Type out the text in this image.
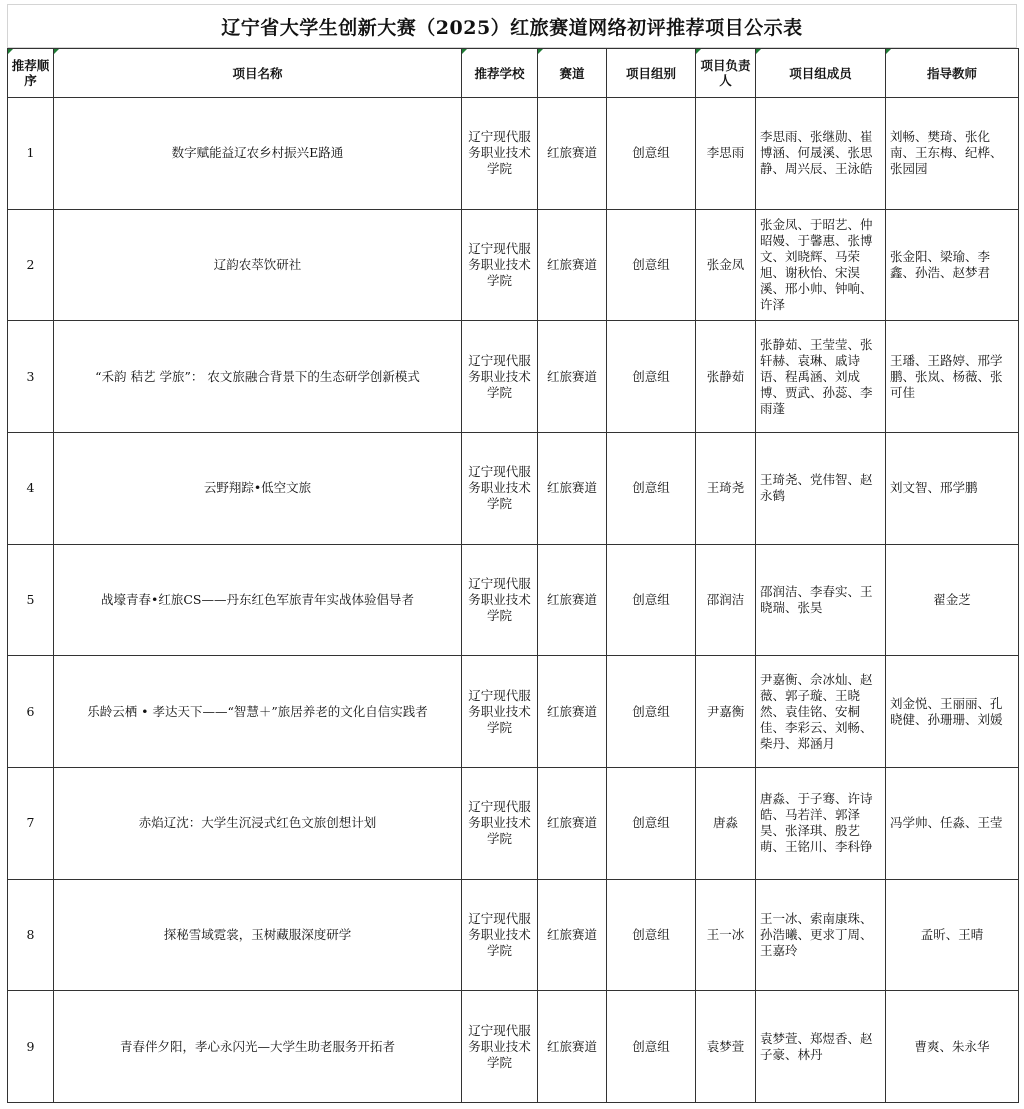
辽宁省大学生创新大赛（2025）红旅赛道网络初评推荐项目公示表
推荐顺序	项目名称	推荐学校	赛道	项目组别	项目负责人	项目组成员	指导教师
1	数字赋能益辽农乡村振兴E路通	辽宁现代服务职业技术学院	红旅赛道	创意组	李思雨	李思雨、张继勋、崔博涵、何晟溪、张思静、周兴辰、王泳皓	刘畅、樊琦、张化南、王东梅、纪桦、张园园
2	辽韵农萃饮研社	辽宁现代服务职业技术学院	红旅赛道	创意组	张金凤	张金凤、于昭艺、仲昭嫚、于馨惠、张博文、刘晓辉、马荣旭、谢秋怡、宋淏溪、邢小帅、钟响、许泽	张金阳、梁瑜、李鑫、孙浩、赵梦君
3	“禾韵 秸艺 学旅”： 农文旅融合背景下的生态研学创新模式	辽宁现代服务职业技术学院	红旅赛道	创意组	张静茹	张静茹、王莹莹、张轩赫、袁琳、戚诗语、程禹涵、刘成博、贾武、孙蕊、李雨蓬	王璠、王路婷、邢学鹏、张岚、杨薇、张可佳
4	云野翔踪•低空文旅	辽宁现代服务职业技术学院	红旅赛道	创意组	王琦尧	王琦尧、党伟智、赵永鹤	刘文智、邢学鹏
5	战壕青春•红旅CS——丹东红色军旅青年实战体验倡导者	辽宁现代服务职业技术学院	红旅赛道	创意组	邵润洁	邵润洁、李春实、王晓瑞、张昊	翟金芝
6	乐龄云栖 • 孝达天下——“智慧＋”旅居养老的文化自信实践者	辽宁现代服务职业技术学院	红旅赛道	创意组	尹嘉衡	尹嘉衡、佘冰灿、赵薇、郭子璇、王晓然、袁佳铭、安桐佳、李彩云、刘畅、柴丹、郑涵月	刘金悦、王丽丽、孔晓健、孙珊珊、刘媛
7	赤焰辽沈：大学生沉浸式红色文旅创想计划	辽宁现代服务职业技术学院	红旅赛道	创意组	唐淼	唐淼、于子骞、许诗皓、马若洋、郭泽昊、张泽琪、殷艺萌、王铭川、李科铮	冯学帅、任淼、王莹
8	探秘雪域霓裳，玉树藏服深度研学	辽宁现代服务职业技术学院	红旅赛道	创意组	王一冰	王一冰、索南康珠、孙浩曦、更求丁周、王嘉玲	孟昕、王晴
9	青春伴夕阳，孝心永闪光—大学生助老服务开拓者	辽宁现代服务职业技术学院	红旅赛道	创意组	袁梦萱	袁梦萱、郑煜香、赵子豪、林丹	曹爽、朱永华
